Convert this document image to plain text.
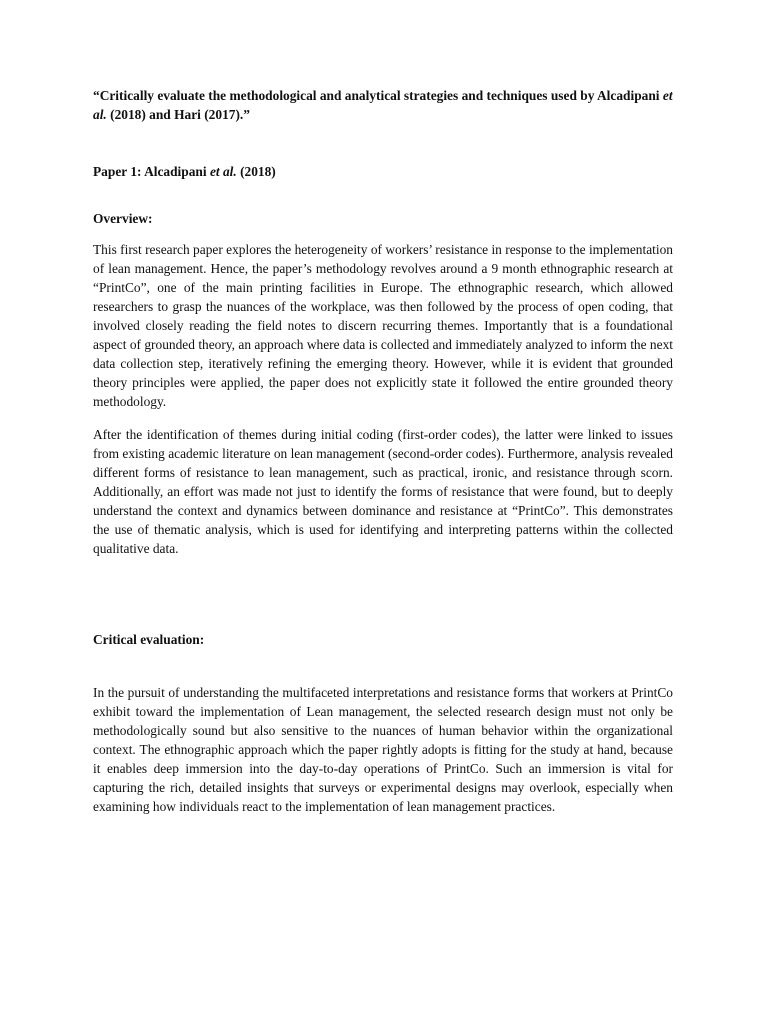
“Critically evaluate the methodological and analytical strategies and techniques used by Alcadipani et al. (2018) and Hari (2017).”

Paper 1: Alcadipani et al. (2018)

Overview:

This first research paper explores the heterogeneity of workers’ resistance in response to the implementation of lean management. Hence, the paper’s methodology revolves around a 9 month ethnographic research at “PrintCo”, one of the main printing facilities in Europe. The ethnographic research, which allowed researchers to grasp the nuances of the workplace, was then followed by the process of open coding, that involved closely reading the field notes to discern recurring themes. Importantly that is a foundational aspect of grounded theory, an approach where data is collected and immediately analyzed to inform the next data collection step, iteratively refining the emerging theory. However, while it is evident that grounded theory principles were applied, the paper does not explicitly state it followed the entire grounded theory methodology.

After the identification of themes during initial coding (first-order codes), the latter were linked to issues from existing academic literature on lean management (second-order codes). Furthermore, analysis revealed different forms of resistance to lean management, such as practical, ironic, and resistance through scorn. Additionally, an effort was made not just to identify the forms of resistance that were found, but to deeply understand the context and dynamics between dominance and resistance at “PrintCo”. This demonstrates the use of thematic analysis, which is used for identifying and interpreting patterns within the collected qualitative data.

Critical evaluation:

In the pursuit of understanding the multifaceted interpretations and resistance forms that workers at PrintCo exhibit toward the implementation of Lean management, the selected research design must not only be methodologically sound but also sensitive to the nuances of human behavior within the organizational context. The ethnographic approach which the paper rightly adopts is fitting for the study at hand, because it enables deep immersion into the day-to-day operations of PrintCo. Such an immersion is vital for capturing the rich, detailed insights that surveys or experimental designs may overlook, especially when examining how individuals react to the implementation of lean management practices.
